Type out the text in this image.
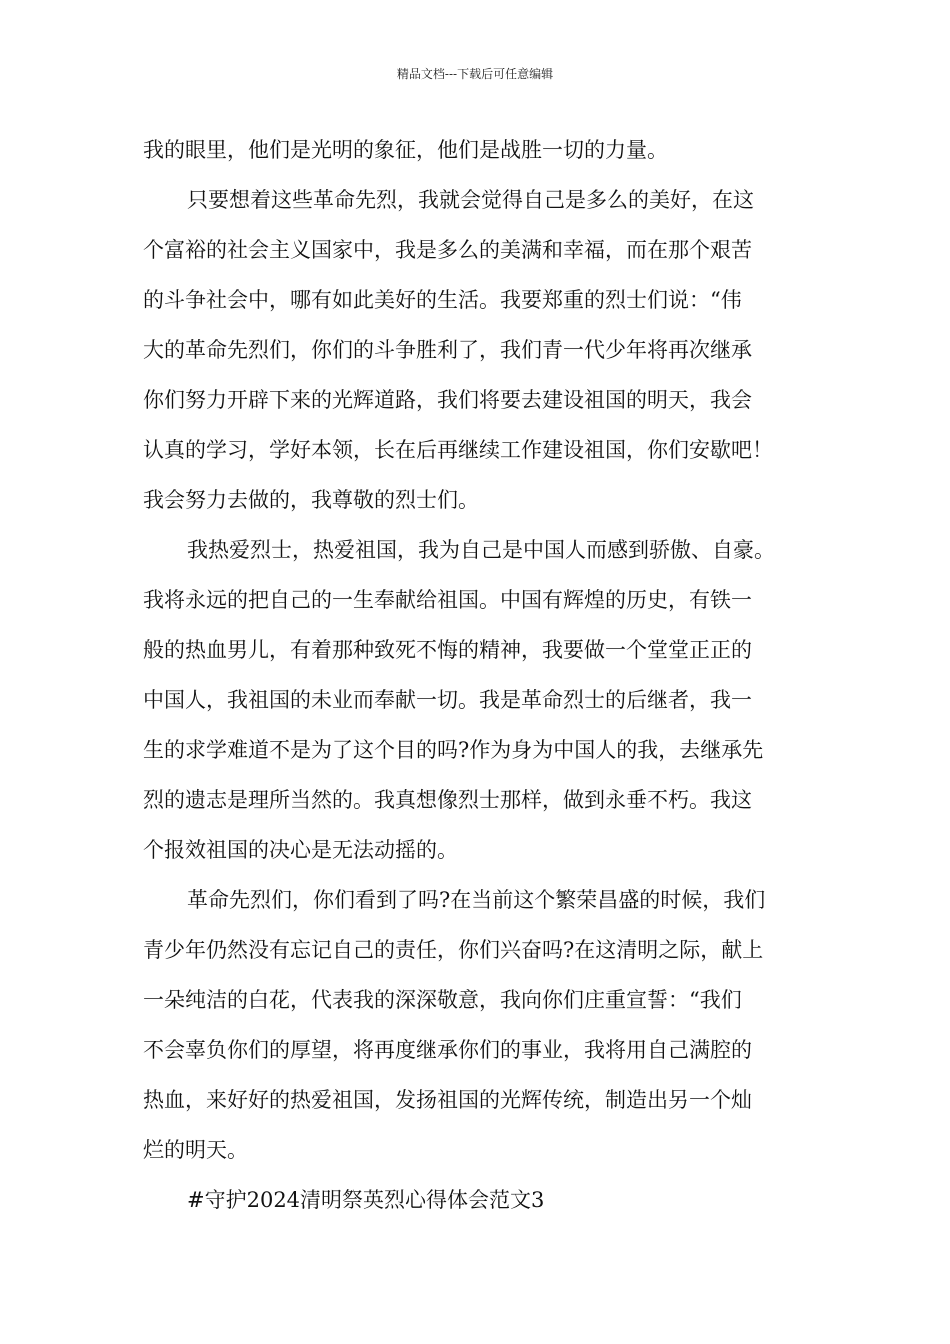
精品文档---下载后可任意编辑
我的眼里，他们是光明的象征，他们是战胜一切的力量。
只要想着这些革命先烈，我就会觉得自己是多么的美好，在这
个富裕的社会主义国家中，我是多么的美满和幸福，而在那个艰苦
的斗争社会中，哪有如此美好的生活。我要郑重的烈士们说：“伟
大的革命先烈们，你们的斗争胜利了，我们青一代少年将再次继承
你们努力开辟下来的光辉道路，我们将要去建设祖国的明天，我会
认真的学习，学好本领，长在后再继续工作建设祖国，你们安歇吧！
我会努力去做的，我尊敬的烈士们。
我热爱烈士，热爱祖国，我为自己是中国人而感到骄傲、自豪。
我将永远的把自己的一生奉献给祖国。中国有辉煌的历史，有铁一
般的热血男儿，有着那种致死不悔的精神，我要做一个堂堂正正的
中国人，我祖国的未业而奉献一切。我是革命烈士的后继者，我一
生的求学难道不是为了这个目的吗?作为身为中国人的我，去继承先
烈的遗志是理所当然的。我真想像烈士那样，做到永垂不朽。我这
个报效祖国的决心是无法动摇的。
革命先烈们，你们看到了吗?在当前这个繁荣昌盛的时候，我们
青少年仍然没有忘记自己的责任，你们兴奋吗?在这清明之际，献上
一朵纯洁的白花，代表我的深深敬意，我向你们庄重宣誓：“我们
不会辜负你们的厚望，将再度继承你们的事业，我将用自己满腔的
热血，来好好的热爱祖国，发扬祖国的光辉传统，制造出另一个灿
烂的明天。
#守护2024清明祭英烈心得体会范文3
